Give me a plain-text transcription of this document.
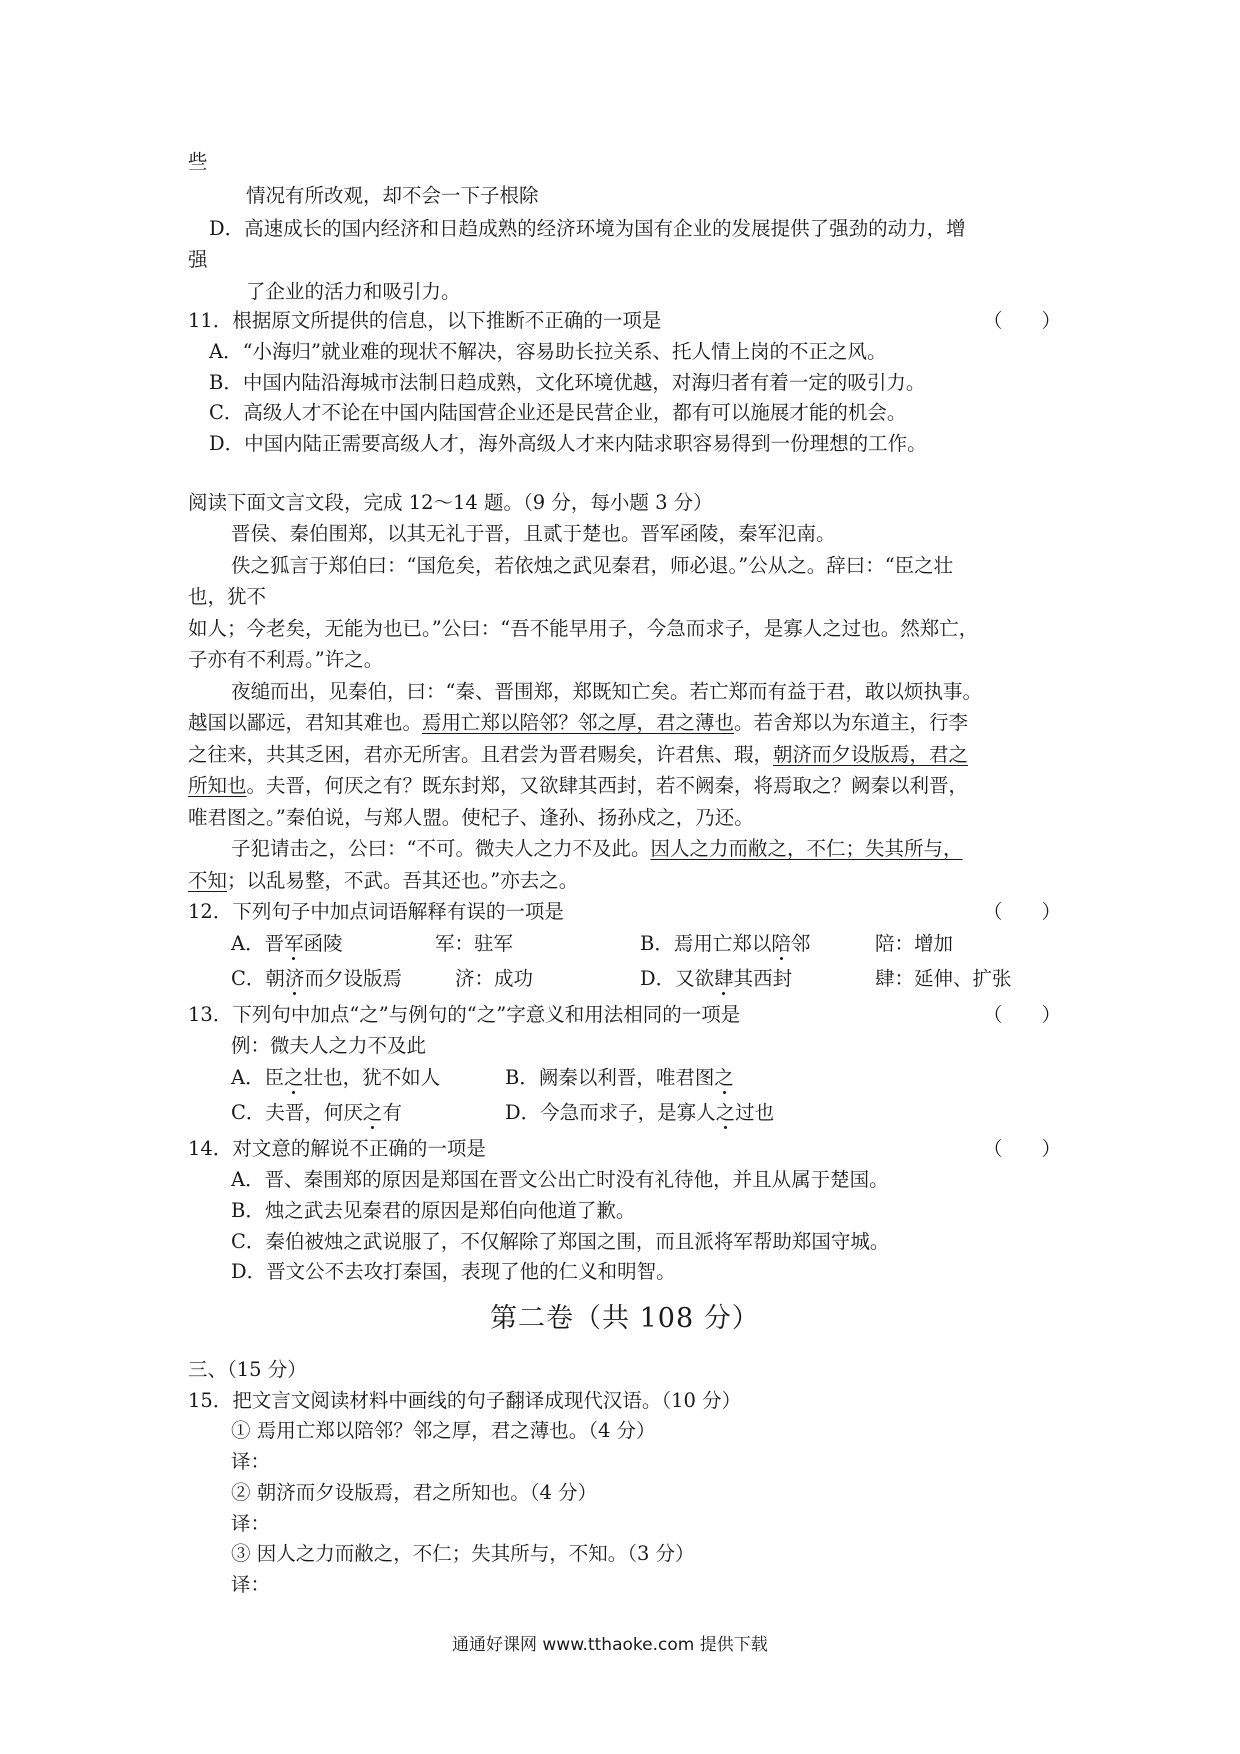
些
情况有所改观，却不会一下子根除
D．高速成长的国内经济和日趋成熟的经济环境为国有企业的发展提供了强劲的动力，增
强
了企业的活力和吸引力。
11．根据原文所提供的信息，以下推断不正确的一项是	（　　）
A．“小海归”就业难的现状不解决，容易助长拉关系、托人情上岗的不正之风。
B．中国内陆沿海城市法制日趋成熟，文化环境优越，对海归者有着一定的吸引力。
C．高级人才不论在中国内陆国营企业还是民营企业，都有可以施展才能的机会。
D．中国内陆正需要高级人才，海外高级人才来内陆求职容易得到一份理想的工作。
阅读下面文言文段，完成 12～14 题。（9 分，每小题 3 分）
晋侯、秦伯围郑，以其无礼于晋，且贰于楚也。晋军函陵，秦军氾南。
佚之狐言于郑伯曰：“国危矣，若依烛之武见秦君，师必退。”公从之。辞曰：“臣之壮
也，犹不
如人；今老矣，无能为也已。”公曰：“吾不能早用子，今急而求子，是寡人之过也。然郑亡，
子亦有不利焉。”许之。
夜缒而出，见秦伯，曰：“秦、晋围郑，郑既知亡矣。若亡郑而有益于君，敢以烦执事。
越国以鄙远，君知其难也。焉用亡郑以陪邻？邻之厚，君之薄也。若舍郑以为东道主，行李
之往来，共其乏困，君亦无所害。且君尝为晋君赐矣，许君焦、瑕，朝济而夕设版焉，君之
所知也。夫晋，何厌之有？既东封郑，又欲肆其西封，若不阙秦，将焉取之？阙秦以利晋，
唯君图之。”秦伯说，与郑人盟。使杞子、逢孙、扬孙戍之，乃还。
子犯请击之，公曰：“不可。微夫人之力不及此。因人之力而敝之，不仁；失其所与，
不知；以乱易整，不武。吾其还也。”亦去之。
12．下列句子中加点词语解释有误的一项是	（　　）
A．晋军函陵	军：驻军	B．焉用亡郑以陪邻	陪：增加
C．朝济而夕设版焉	济：成功	D．又欲肆其西封	肆：延伸、扩张
13．下列句中加点“之”与例句的“之”字意义和用法相同的一项是	（　　）
例：微夫人之力不及此
A．臣之壮也，犹不如人	B．阙秦以利晋，唯君图之
C．夫晋，何厌之有	D．今急而求子，是寡人之过也
14．对文意的解说不正确的一项是	（　　）
A．晋、秦围郑的原因是郑国在晋文公出亡时没有礼待他，并且从属于楚国。
B．烛之武去见秦君的原因是郑伯向他道了歉。
C．秦伯被烛之武说服了，不仅解除了郑国之围，而且派将军帮助郑国守城。
D．晋文公不去攻打秦国，表现了他的仁义和明智。
第二卷（共 108 分）
三、（15 分）
15．把文言文阅读材料中画线的句子翻译成现代汉语。（10 分）
① 焉用亡郑以陪邻？邻之厚，君之薄也。（4 分）
译：
② 朝济而夕设版焉，君之所知也。（4 分）
译：
③ 因人之力而敝之，不仁；失其所与，不知。（3 分）
译：
通通好课网 www.tthaoke.com 提供下载
